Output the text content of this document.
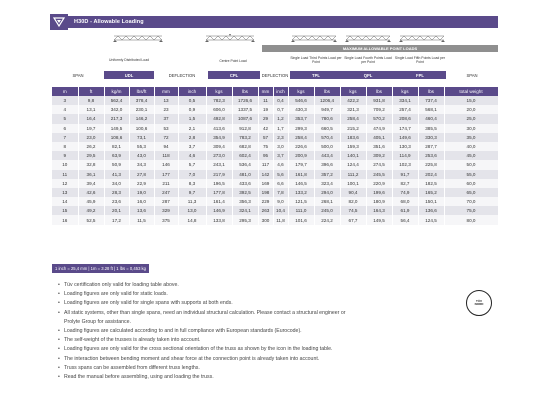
H30D - Allowable Loading
MAXIMUM ALLOWABLE POINT LOADS
Uniformly Distributed Load	Centre Point Load
Single Load Third Points Load per Point
Single Load Fourth Points Load per Point
Single Load Fifth Points Load per Point
SPAN	UDL	DEFLECTION	CPL	DEFLECTION	TPL	QPL	FPL	SPAN
m	ft	kg/m	lbs/ft	mm	inch	kgs	lbs	mm	inch	kgs	lbs	kgs	lbs	kgs	lbs	total weight
3	9,8	562,4	378,4	13	0,5	782,3	1726,6	11	0,4	546,6	1206,4	422,2	931,8	334,1	737,4	15,0
4	13,1	342,0	230,1	23	0,9	606,0	1337,5	19	0,7	430,3	949,7	321,3	709,2	257,4	568,1	20,0
5	16,4	217,3	146,2	37	1,5	492,8	1087,6	29	1,2	353,7	780,6	258,4	570,2	208,6	460,4	25,0
6	19,7	149,5	100,6	53	2,1	413,6	912,8	42	1,7	299,3	660,5	215,2	474,9	174,7	385,5	30,0
7	23,0	108,6	73,1	72	2,8	354,9	783,2	57	2,3	258,4	570,4	183,6	405,1	149,6	330,3	35,0
8	26,2	82,1	55,3	94	3,7	309,4	682,8	75	3,0	226,6	500,0	159,3	351,6	130,3	287,7	40,0
9	29,5	63,9	43,0	118	4,6	273,0	602,4	95	3,7	200,9	443,4	140,1	309,2	114,9	253,6	45,0
10	32,8	50,9	34,3	146	5,7	243,1	536,4	117	4,6	179,7	396,6	124,4	274,5	102,3	225,8	50,0
11	36,1	41,3	27,8	177	7,0	217,9	481,0	142	5,6	161,8	357,2	111,2	245,5	91,7	202,4	55,0
12	39,4	34,0	22,9	211	8,3	196,5	433,6	169	6,6	146,5	323,4	100,1	220,9	82,7	182,5	60,0
13	42,6	28,3	19,0	247	9,7	177,8	392,5	198	7,8	133,2	294,0	90,4	199,6	74,9	165,2	65,0
14	45,9	23,6	16,0	287	11,3	161,4	356,3	229	9,0	121,5	268,1	82,0	180,9	68,0	150,1	70,0
15	49,2	20,1	13,6	329	13,0	146,9	324,1	263	10,4	111,0	245,0	74,5	164,3	61,9	136,6	75,0
16	52,5	17,2	11,5	375	14,8	133,8	295,3	300	11,8	101,6	224,2	67,7	149,5	56,4	124,5	80,0
1 inch = 25,4 mm | 1m = 3.28 ft | 1 lbs = 0,453 kg
• Tüv certification only valid for loading table above.
• Loading figures are only valid for static loads.
• Loading figures are only valid for single spans with supports at both ends.
• All static systems, other than single spans, need an individual structural calculation. Please contact a structural engineer or
Prolyte Group for assistance.
• Loading figures are calculated according to and in full compliance with European standards (Eurocode).
• The self-weight of the trusses is already taken into account.
• Loading figures are only valid for the cross sectional orientation of the truss as shown by the icon in the loading table.
• The interaction between bending moment and shear force at the connection point is already taken into account.
• Truss spans can be assembled from different truss lengths.
• Read the manual before assembling, using and loading the truss.
TÜV
NORD
